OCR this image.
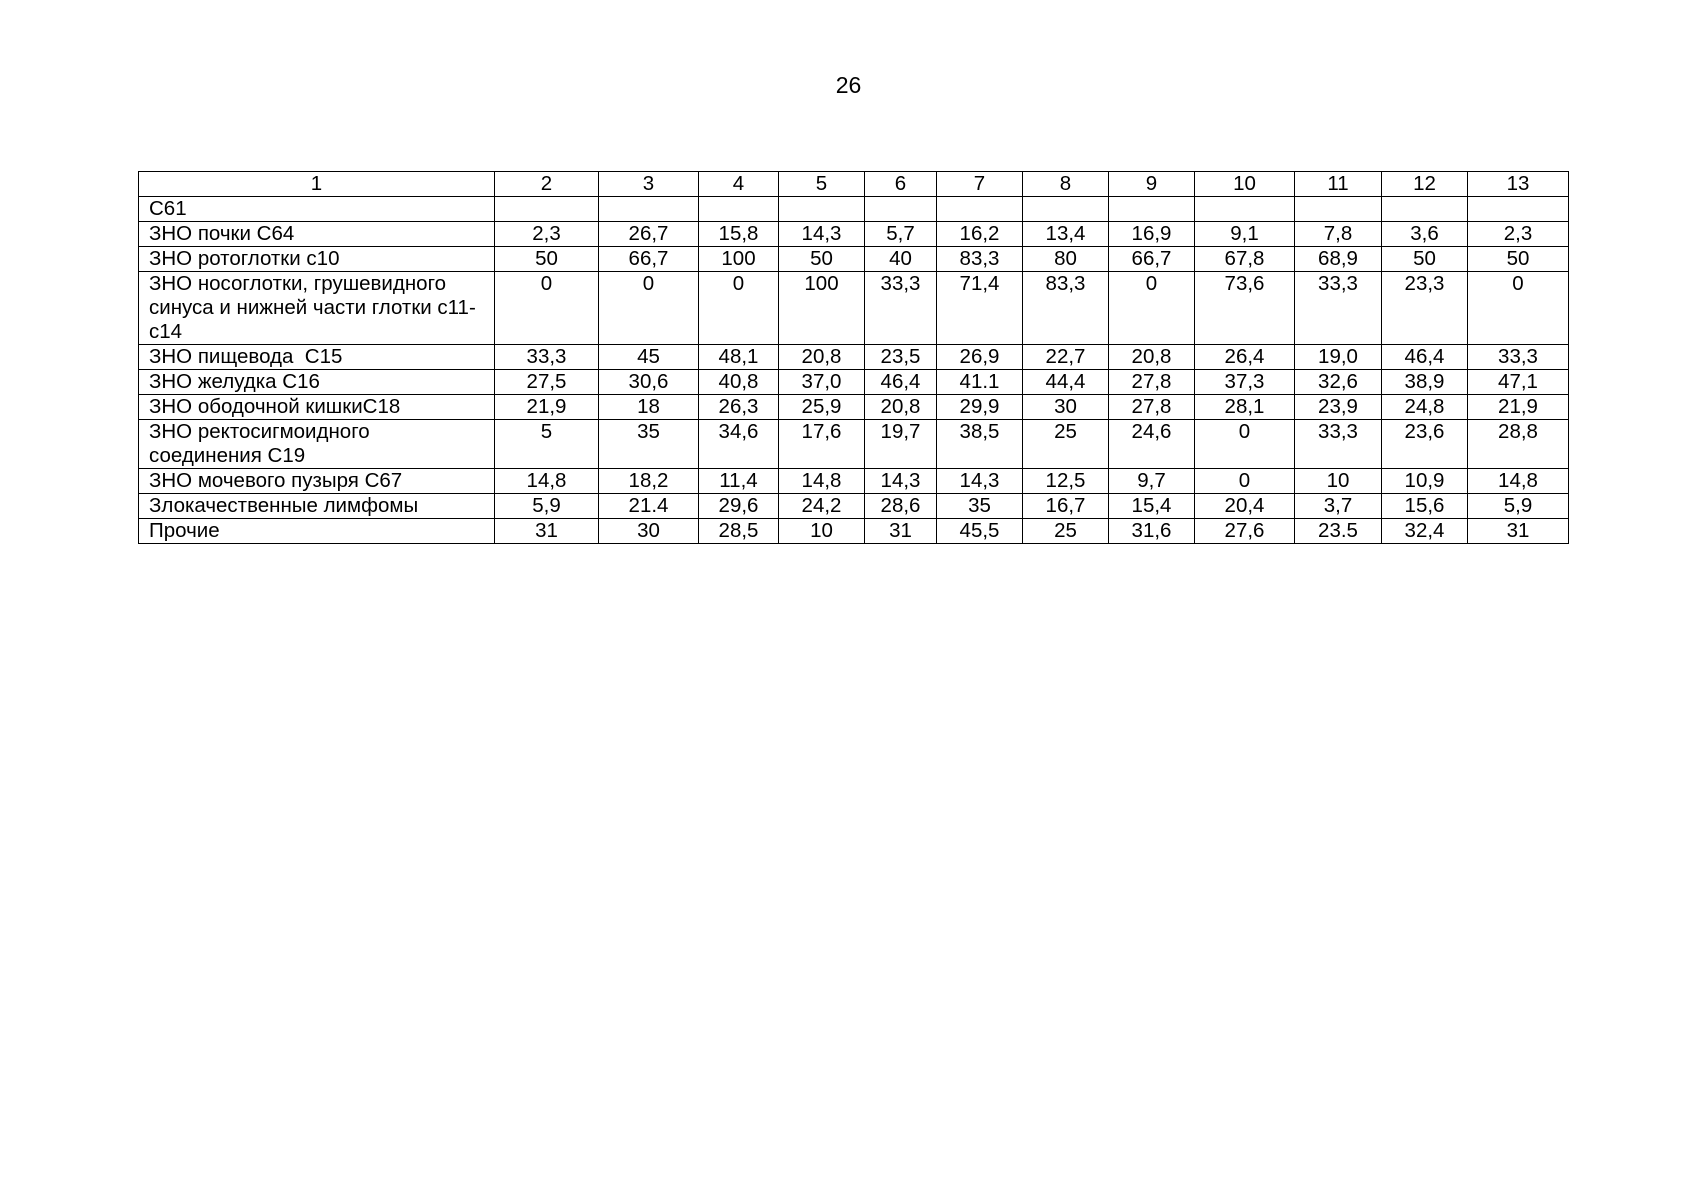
26
1	2	3	4	5	6	7	8	9	10	11	12	13
C61												
ЗНО почки С64	2,3	26,7	15,8	14,3	5,7	16,2	13,4	16,9	9,1	7,8	3,6	2,3
ЗНО ротоглотки с10	50	66,7	100	50	40	83,3	80	66,7	67,8	68,9	50	50
ЗНО носоглотки, грушевидного синуса и нижней части глотки с11-с14	0	0	0	100	33,3	71,4	83,3	0	73,6	33,3	23,3	0
ЗНО пищевода  С15	33,3	45	48,1	20,8	23,5	26,9	22,7	20,8	26,4	19,0	46,4	33,3
ЗНО желудка С16	27,5	30,6	40,8	37,0	46,4	41.1	44,4	27,8	37,3	32,6	38,9	47,1
ЗНО ободочной кишкиС18	21,9	18	26,3	25,9	20,8	29,9	30	27,8	28,1	23,9	24,8	21,9
ЗНО ректосигмоидного соединения С19	5	35	34,6	17,6	19,7	38,5	25	24,6	0	33,3	23,6	28,8
ЗНО мочевого пузыря С67	14,8	18,2	11,4	14,8	14,3	14,3	12,5	9,7	0	10	10,9	14,8
Злокачественные лимфомы	5,9	21.4	29,6	24,2	28,6	35	16,7	15,4	20,4	3,7	15,6	5,9
Прочие	31	30	28,5	10	31	45,5	25	31,6	27,6	23.5	32,4	31
